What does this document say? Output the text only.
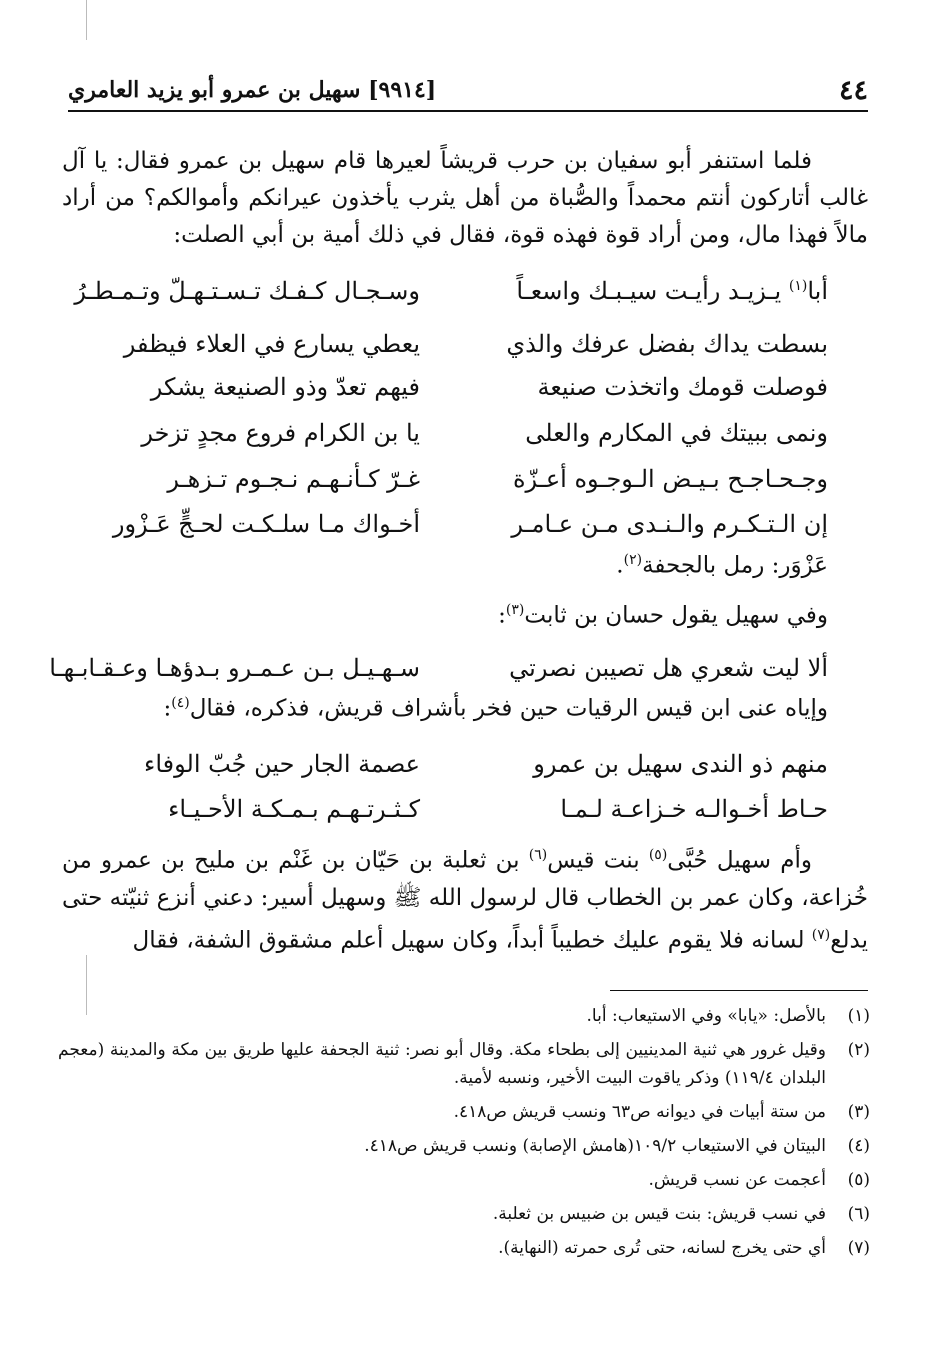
٤٤
[٩٩١٤] سهيل بن عمرو أبو يزيد العامري
فلما استنفر أبو سفيان بن حرب قريشاً لعيرها قام سهيل بن عمرو فقال: يا آل غالب أتاركون أنتم محمداً والصُّباة من أهل يثرب يأخذون عيرانكم وأموالكم؟ من أراد مالاً فهذا مال، ومن أراد قوة فهذه قوة، فقال في ذلك أمية بن أبي الصلت:
أبا$^{(١)}$ يـزيـد رأيـت سيـبـك واسعـاً
وسـجـال كـفـك تـسـتـهـلّ وتـمـطـرُ
بسطت يداك بفضل عرفك والذي
يعطي يسارع في العلاء فيظفر
فوصلت قومك واتخذت صنيعة
فيهم تعدّ وذو الصنيعة يشكر
ونمى ببيتك في المكارم والعلى
يا بن الكرام فروع مجدٍ تزخر
وجـحـاجـح بـيـض الـوجـوه أعـزّة
غـرّ كـأنـهـم نـجـوم تـزهـر
إن الـتـكـرم والـنـدى مـن عـامـر
أخـواك مـا سلـكـت لحـجٍّ عَـزْور
عَزْوَر: رمل بالجحفة$^{(٢)}$.
وفي سهيل يقول حسان بن ثابت$^{(٣)}$:
ألا ليت شعري هل تصيبن نصرتي
سـهـيـل بـن عـمـرو بـدؤهـا وعـقـابـهـا
وإياه عنى ابن قيس الرقيات حين فخر بأشراف قريش، فذكره، فقال$^{(٤)}$:
منهم ذو الندى سهيل بن عمرو
عصمة الجار حين جُبّ الوفاء
حـاط أخـوالـه خـزاعـة لـمـا
كـثـرتـهـم بـمـكـة الأحـيـاء
وأم سهيل حُبَّى$^{(٥)}$ بنت قيس$^{(٦)}$ بن ثعلبة بن حَيّان بن غَنْم بن مليح بن عمرو من خُزاعة، وكان عمر بن الخطاب قال لرسول الله ﷺ وسهيل أسير: دعني أنزع ثنيّته حتى يدلع$^{(٧)}$ لسانه فلا يقوم عليك خطيباً أبداً، وكان سهيل أعلم مشقوق الشفة، فقال
(١)
بالأصل: «يابا» وفي الاستيعاب: أبا.
(٢)
وقيل غرور هي ثنية المدينيين إلى بطحاء مكة. وقال أبو نصر: ثنية الجحفة عليها طريق بين مكة والمدينة (معجم البلدان ١١٩/٤) وذكر ياقوت البيت الأخير، ونسبه لأمية.
(٣)
من ستة أبيات في ديوانه ص٦٣ ونسب قريش ص٤١٨.
(٤)
البيتان في الاستيعاب ١٠٩/٢(هامش الإصابة) ونسب قريش ص٤١٨.
(٥)
أعجمت عن نسب قريش.
(٦)
في نسب قريش: بنت قيس بن ضبيس بن ثعلبة.
(٧)
أي حتى يخرج لسانه، حتى تُرى حمرته (النهاية).
